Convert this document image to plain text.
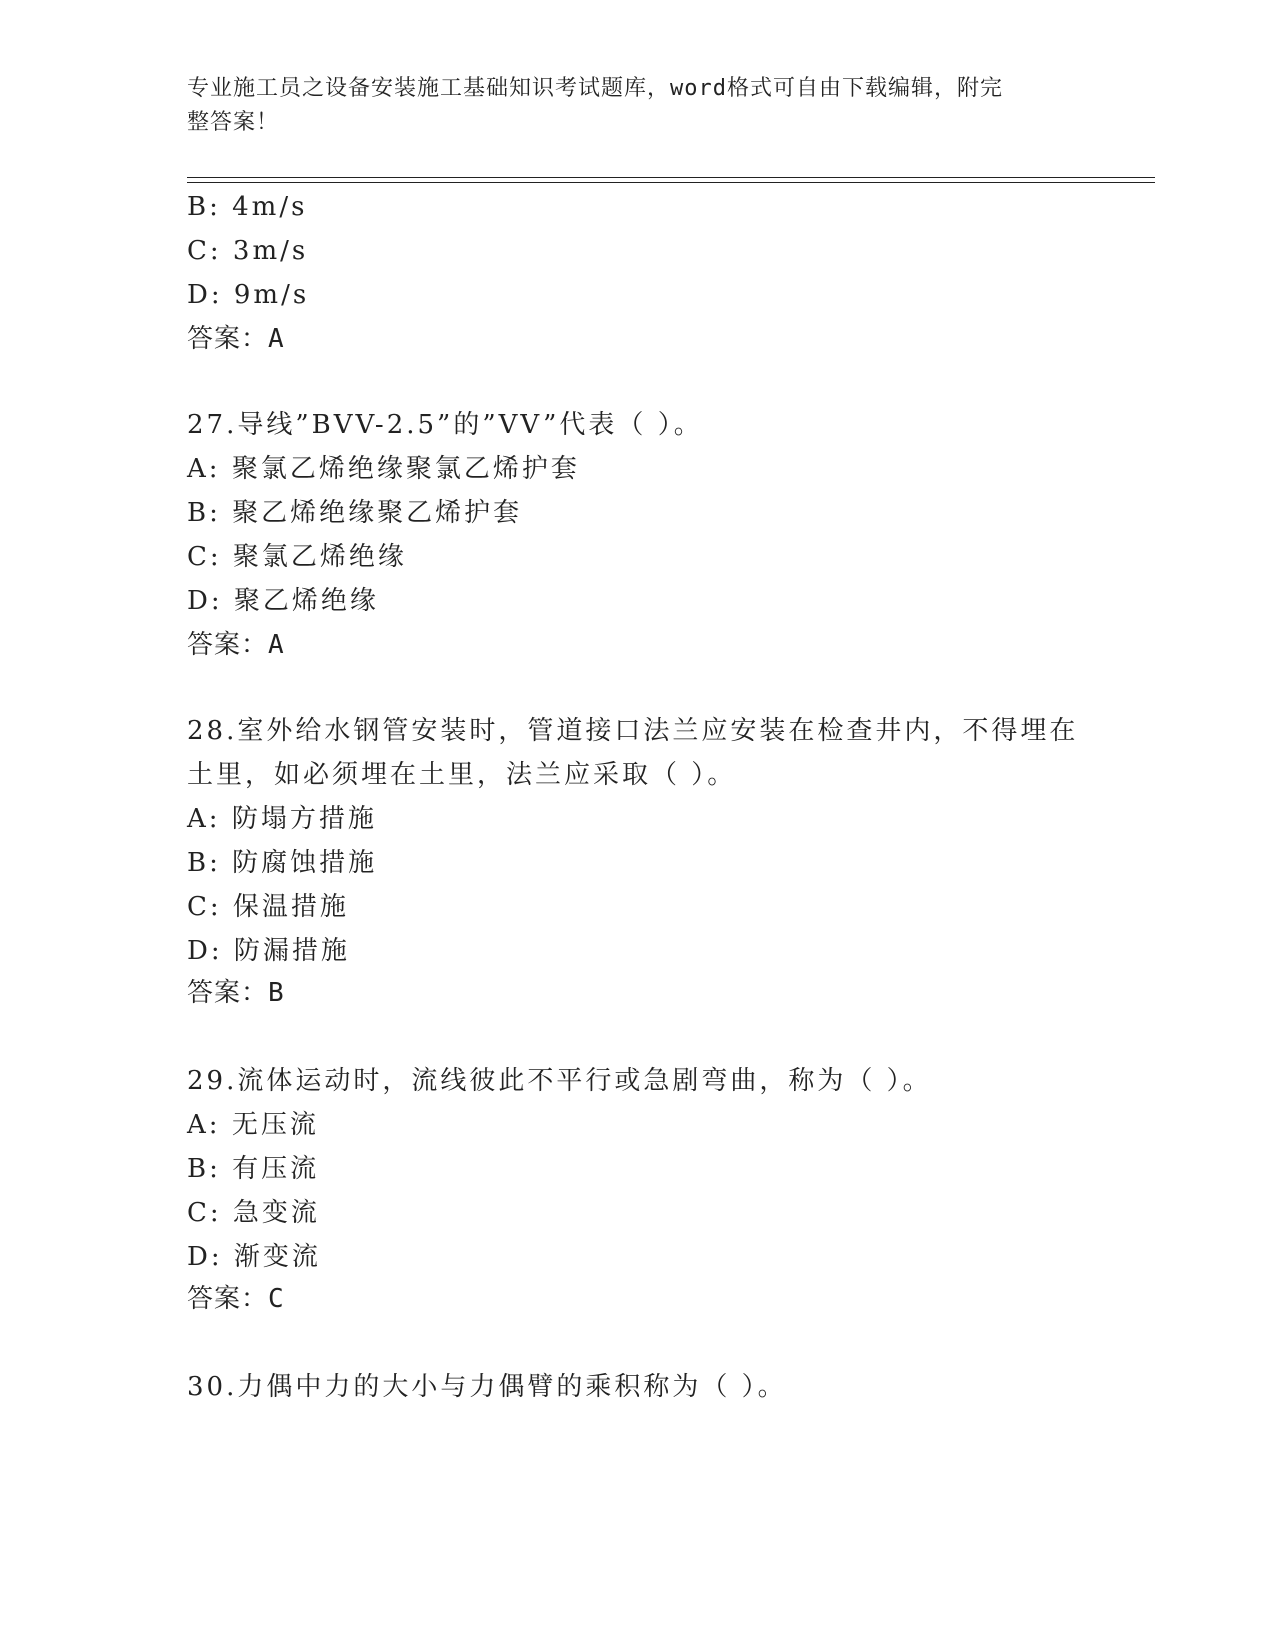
专业施工员之设备安装施工基础知识考试题库，word格式可自由下载编辑，附完
整答案！
B: 4m/s
C: 3m/s
D: 9m/s
答案：A
27.导线”BVV-2.5”的”VV”代表（ ）。
A: 聚氯乙烯绝缘聚氯乙烯护套
B: 聚乙烯绝缘聚乙烯护套
C: 聚氯乙烯绝缘
D: 聚乙烯绝缘
答案：A
28.室外给水钢管安装时，管道接口法兰应安装在检查井内，不得埋在
土里，如必须埋在土里，法兰应采取（ ）。
A: 防塌方措施
B: 防腐蚀措施
C: 保温措施
D: 防漏措施
答案：B
29.流体运动时，流线彼此不平行或急剧弯曲，称为（ ）。
A: 无压流
B: 有压流
C: 急变流
D: 渐变流
答案：C
30.力偶中力的大小与力偶臂的乘积称为（ ）。
